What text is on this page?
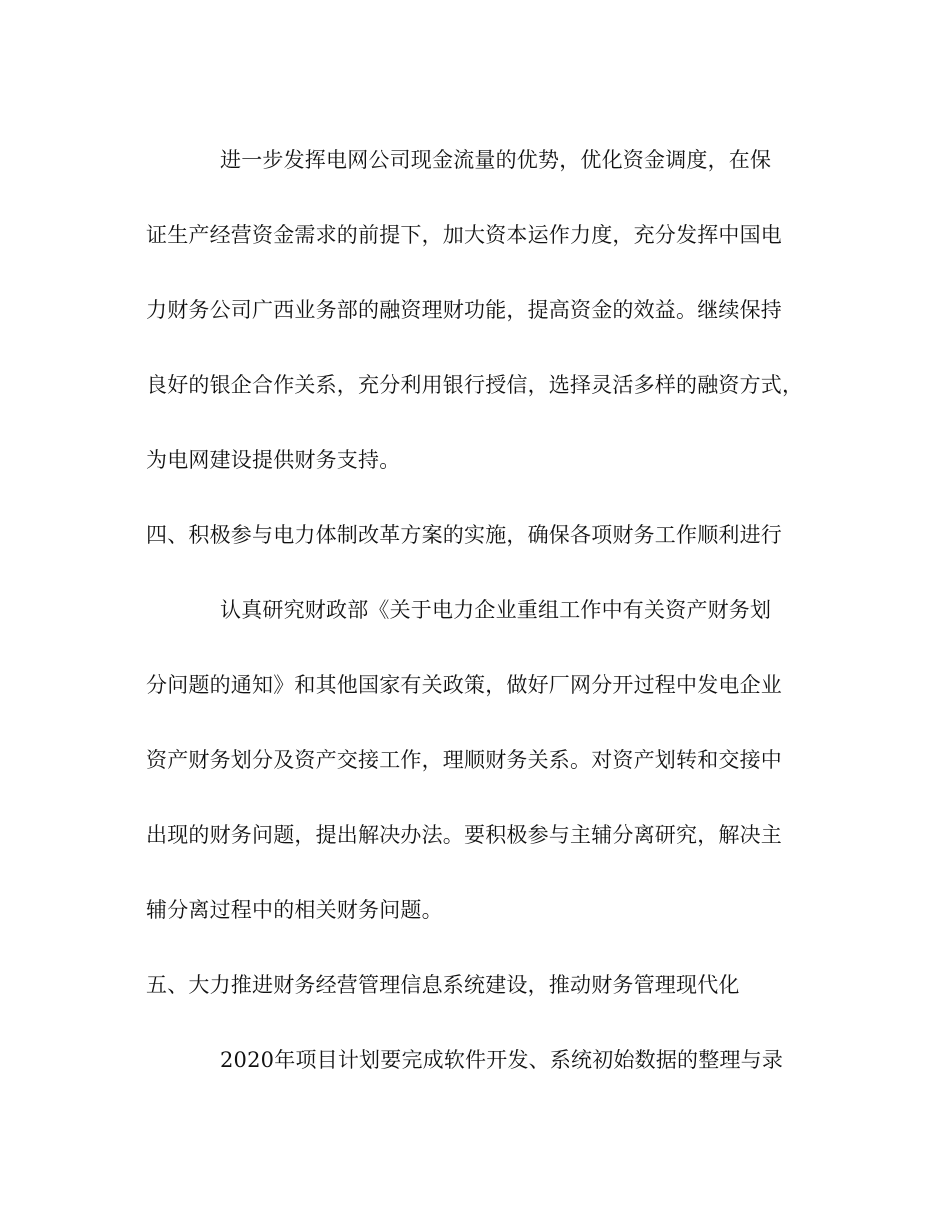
进一步发挥电网公司现金流量的优势，优化资金调度，在保
证生产经营资金需求的前提下，加大资本运作力度，充分发挥中国电
力财务公司广西业务部的融资理财功能，提高资金的效益。继续保持
良好的银企合作关系，充分利用银行授信，选择灵活多样的融资方式，
为电网建设提供财务支持。
四、积极参与电力体制改革方案的实施，确保各项财务工作顺利进行
认真研究财政部《关于电力企业重组工作中有关资产财务划
分问题的通知》和其他国家有关政策，做好厂网分开过程中发电企业
资产财务划分及资产交接工作，理顺财务关系。对资产划转和交接中
出现的财务问题，提出解决办法。要积极参与主辅分离研究，解决主
辅分离过程中的相关财务问题。
五、大力推进财务经营管理信息系统建设，推动财务管理现代化
2020年项目计划要完成软件开发、系统初始数据的整理与录
